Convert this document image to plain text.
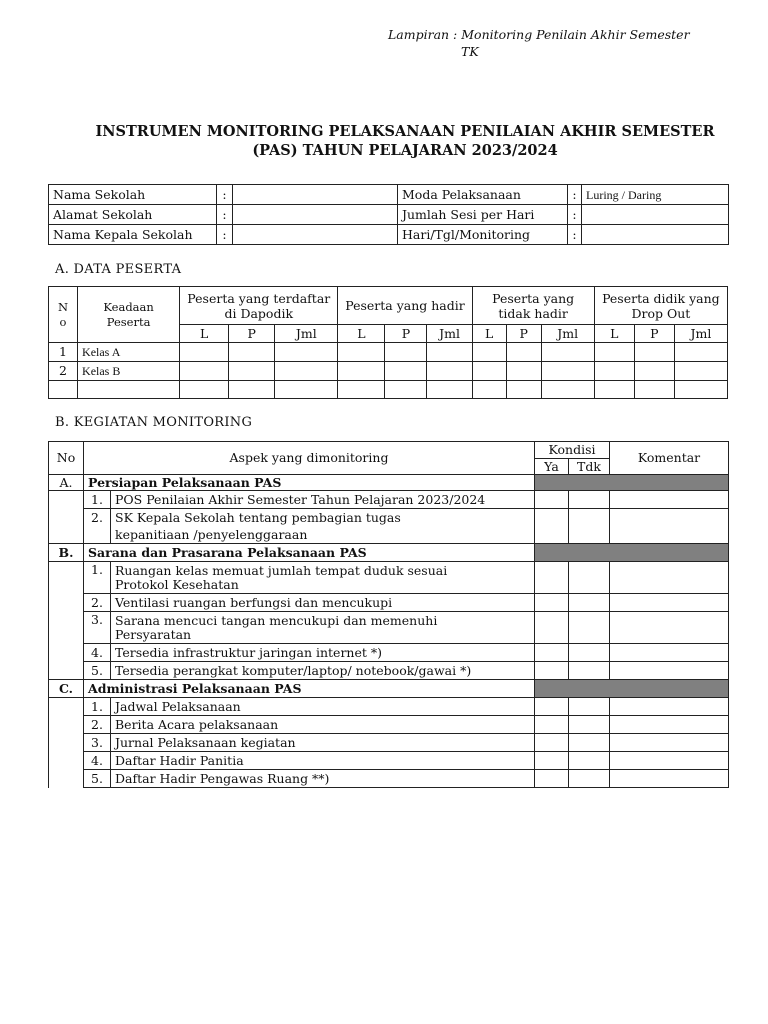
Lampiran : Monitoring Penilain Akhir Semester
TK
INSTRUMEN MONITORING PELAKSANAAN PENILAIAN AKHIR SEMESTER
(PAS) TAHUN PELAJARAN 2023/2024
Nama Sekolah	:		Moda Pelaksanaan	:	Luring / Daring
Alamat Sekolah	:		Jumlah Sesi per Hari	:	
Nama Kepala Sekolah	:		Hari/Tgl/Monitoring	:	
A. DATA PESERTA
N o	Keadaan Peserta	Peserta yang terdaftar di Dapodik			Peserta yang hadir			Peserta yang tidak hadir			Peserta didik yang Drop Out		
		L	P	Jml	L	P	Jml	L	P	Jml	L	P	Jml
1	Kelas A												
2	Kelas B												

B. KEGIATAN MONITORING
No	Aspek yang dimonitoring		Kondisi		Komentar
			Ya	Tdk	
A.	Persiapan Pelaksanaan PAS				
	1.	POS Penilaian Akhir Semester Tahun Pelajaran 2023/2024			
	2.	SK Kepala Sekolah tentang pembagian tugas
kepanitiaan /penyelenggaraan			

B.	Sarana dan Prasarana Pelaksanaan PAS				
	1.	Ruangan kelas memuat jumlah tempat duduk sesuai
Protokol Kesehatan			

	2.	Ventilasi ruangan berfungsi dan mencukupi			
	3.	Sarana mencuci tangan mencukupi dan memenuhi
Persyaratan			

	4.	Tersedia infrastruktur jaringan internet *)			
	5.	Tersedia perangkat komputer/laptop/ notebook/gawai *)			
C.	Administrasi Pelaksanaan PAS				
	1.	Jadwal Pelaksanaan			
	2.	Berita Acara pelaksanaan			
	3.	Jurnal Pelaksanaan kegiatan			
	4.	Daftar Hadir Panitia			
	5.	Daftar Hadir Pengawas Ruang **)			
